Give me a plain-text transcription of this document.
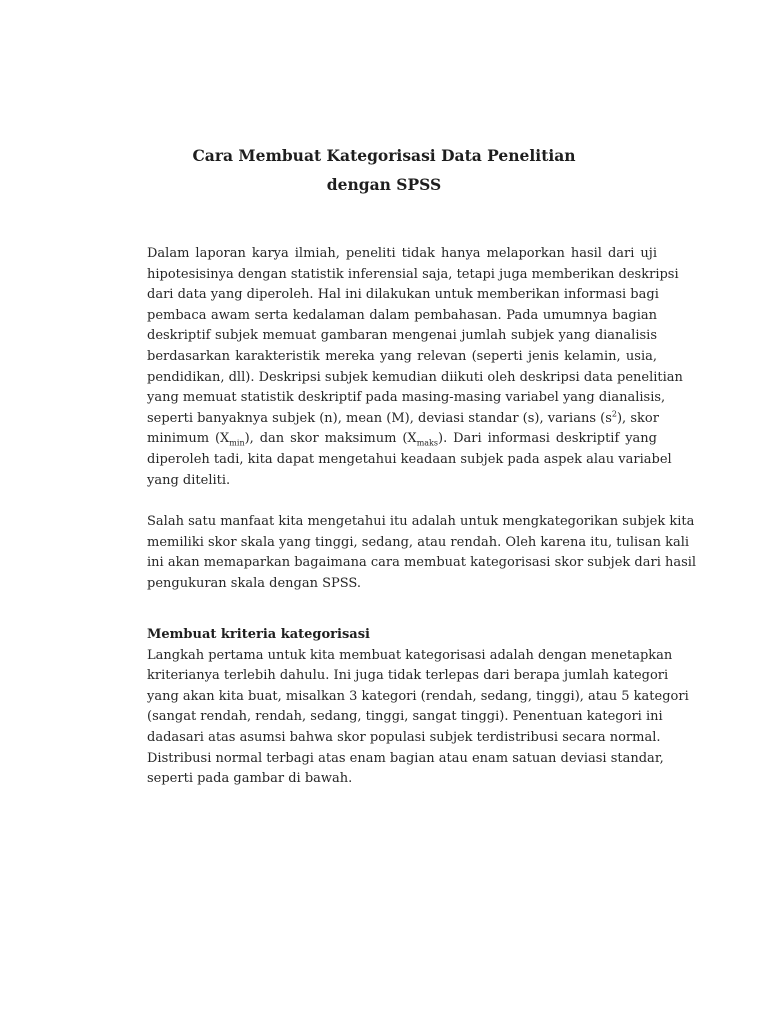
Cara Membuat Kategorisasi Data Penelitian
dengan SPSS
Dalam laporan karya ilmiah, peneliti tidak hanya melaporkan hasil dari uji
hipotesisinya dengan statistik inferensial saja, tetapi juga memberikan deskripsi
dari data yang diperoleh. Hal ini dilakukan untuk memberikan informasi bagi
pembaca awam serta kedalaman dalam pembahasan. Pada umumnya bagian
deskriptif subjek memuat gambaran mengenai jumlah subjek yang dianalisis
berdasarkan karakteristik mereka yang relevan (seperti jenis kelamin, usia,
pendidikan, dll). Deskripsi subjek kemudian diikuti oleh deskripsi data penelitian
yang memuat statistik deskriptif pada masing-masing variabel yang dianalisis,
seperti banyaknya subjek (n), mean (M), deviasi standar (s), varians $(s^2)$, skor
minimum $(X_{min})$, dan skor maksimum $(X_{maks})$. Dari informasi deskriptif yang
diperoleh tadi, kita dapat mengetahui keadaan subjek pada aspek alau variabel
yang diteliti.
Salah satu manfaat kita mengetahui itu adalah untuk mengkategorikan subjek kita
memiliki skor skala yang tinggi, sedang, atau rendah. Oleh karena itu, tulisan kali
ini akan memaparkan bagaimana cara membuat kategorisasi skor subjek dari hasil
pengukuran skala dengan SPSS.
Membuat kriteria kategorisasi
Langkah pertama untuk kita membuat kategorisasi adalah dengan menetapkan
kriterianya terlebih dahulu. Ini juga tidak terlepas dari berapa jumlah kategori
yang akan kita buat, misalkan 3 kategori (rendah, sedang, tinggi), atau 5 kategori
(sangat rendah, rendah, sedang, tinggi, sangat tinggi). Penentuan kategori ini
dadasari atas asumsi bahwa skor populasi subjek terdistribusi secara normal.
Distribusi normal terbagi atas enam bagian atau enam satuan deviasi standar,
seperti pada gambar di bawah.
